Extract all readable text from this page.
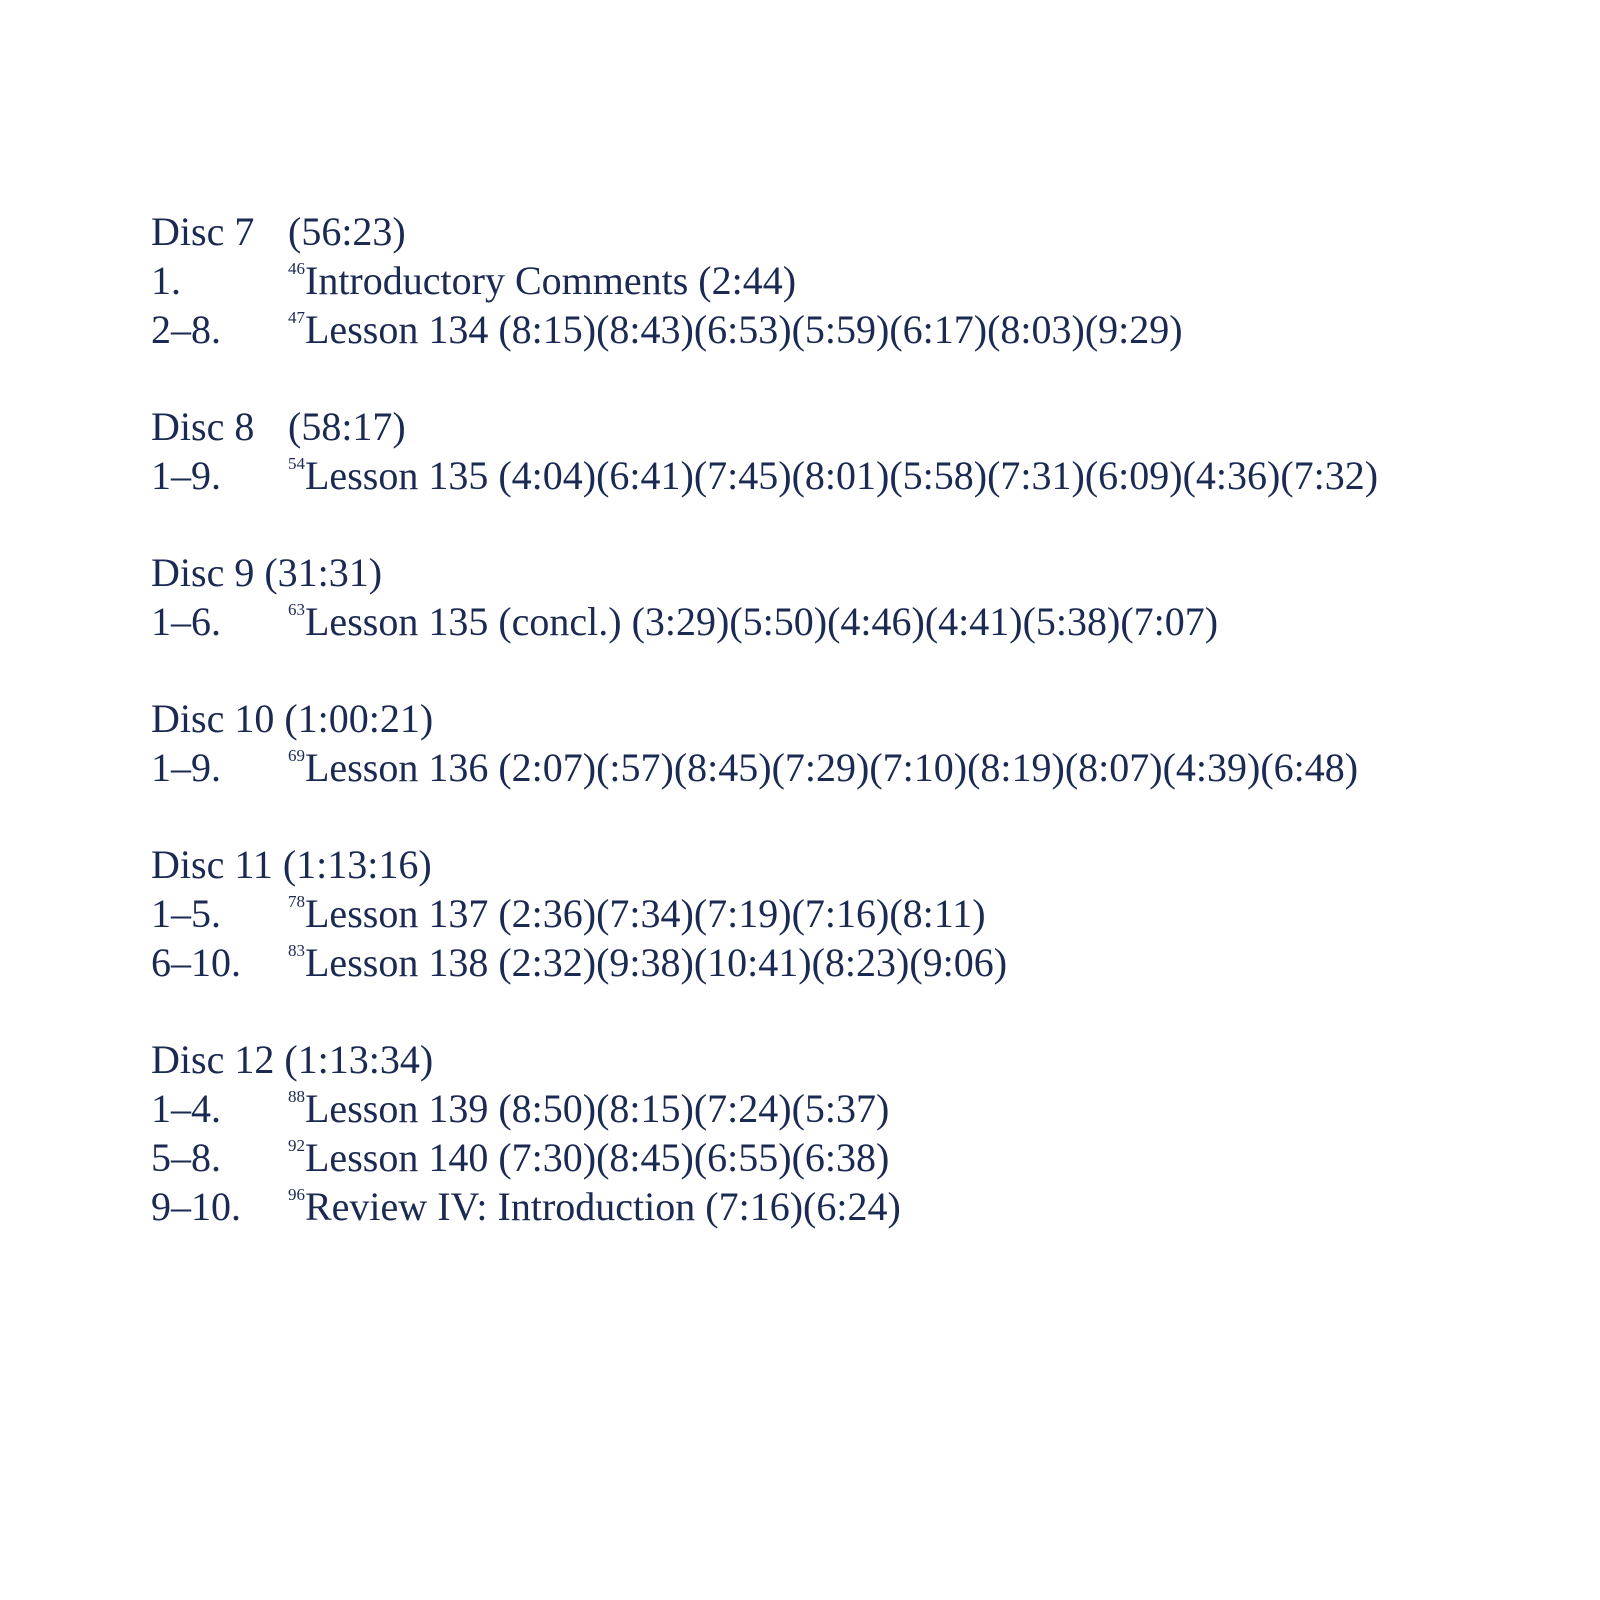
Disc 7 (56:23)
1.	$^{46}$Introductory Comments (2:44)
2–8.	$^{47}$Lesson 134 (8:15)(8:43)(6:53)(5:59)(6:17)(8:03)(9:29)
Disc 8 (58:17)
1–9.	$^{54}$Lesson 135 (4:04)(6:41)(7:45)(8:01)(5:58)(7:31)(6:09)(4:36)(7:32)
Disc 9 (31:31)
1–6.	$^{63}$Lesson 135 (concl.) (3:29)(5:50)(4:46)(4:41)(5:38)(7:07)
Disc 10 (1:00:21)
1–9.	$^{69}$Lesson 136 (2:07)(:57)(8:45)(7:29)(7:10)(8:19)(8:07)(4:39)(6:48)
Disc 11 (1:13:16)
1–5.	$^{78}$Lesson 137 (2:36)(7:34)(7:19)(7:16)(8:11)
6–10.	$^{83}$Lesson 138 (2:32)(9:38)(10:41)(8:23)(9:06)
Disc 12 (1:13:34)
1–4.	$^{88}$Lesson 139 (8:50)(8:15)(7:24)(5:37)
5–8.	$^{92}$Lesson 140 (7:30)(8:45)(6:55)(6:38)
9–10.	$^{96}$Review IV: Introduction (7:16)(6:24)
